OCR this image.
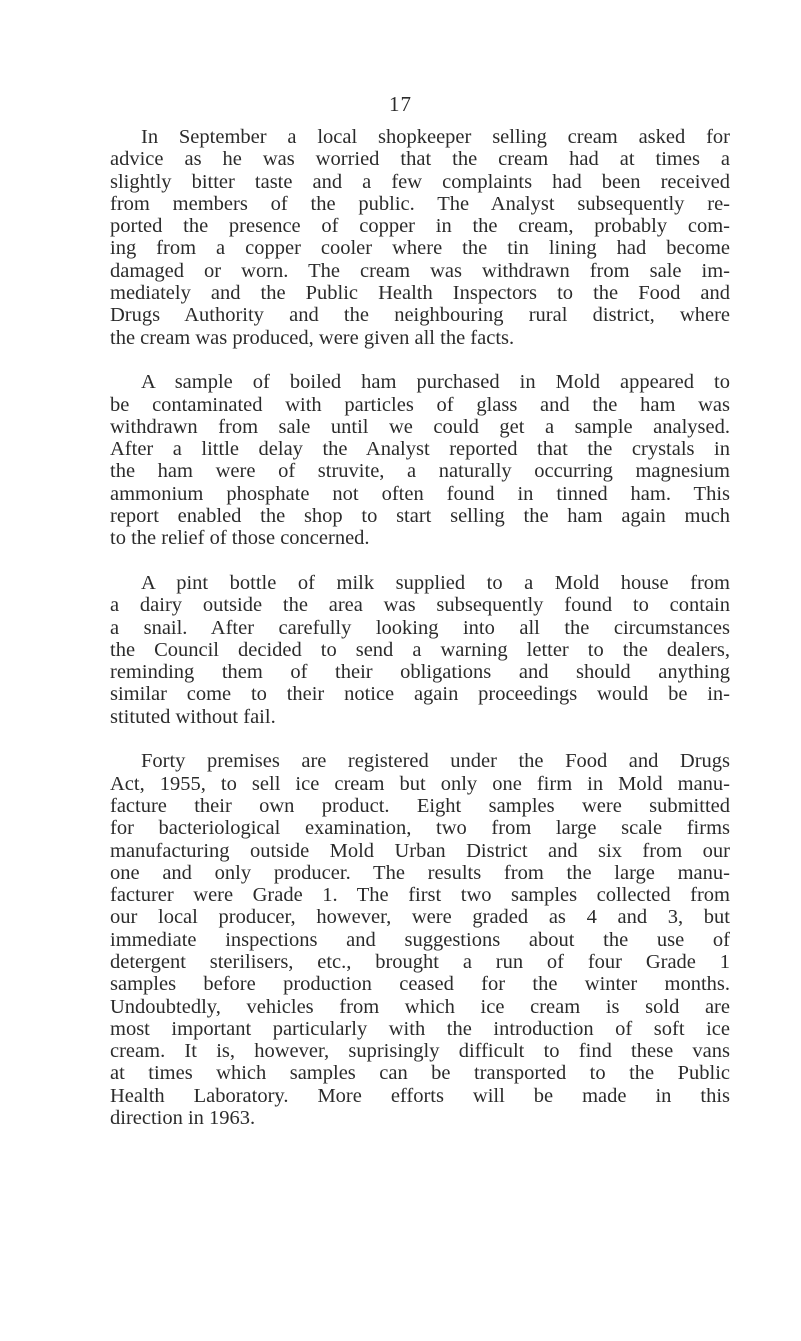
17
In September a local shopkeeper selling cream asked for
advice as he was worried that the cream had at times a
slightly bitter taste and a few complaints had been received
from members of the public. The Analyst subsequently re-
ported the presence of copper in the cream, probably com-
ing from a copper cooler where the tin lining had become
damaged or worn. The cream was withdrawn from sale im-
mediately and the Public Health Inspectors to the Food and
Drugs Authority and the neighbouring rural district, where
the cream was produced, were given all the facts.
A sample of boiled ham purchased in Mold appeared to
be contaminated with particles of glass and the ham was
withdrawn from sale until we could get a sample analysed.
After a little delay the Analyst reported that the crystals in
the ham were of struvite, a naturally occurring magnesium
ammonium phosphate not often found in tinned ham. This
report enabled the shop to start selling the ham again much
to the relief of those concerned.
A pint bottle of milk supplied to a Mold house from
a dairy outside the area was subsequently found to contain
a snail. After carefully looking into all the circumstances
the Council decided to send a warning letter to the dealers,
reminding them of their obligations and should anything
similar come to their notice again proceedings would be in-
stituted without fail.
Forty premises are registered under the Food and Drugs
Act, 1955, to sell ice cream but only one firm in Mold manu-
facture their own product. Eight samples were submitted
for bacteriological examination, two from large scale firms
manufacturing outside Mold Urban District and six from our
one and only producer. The results from the large manu-
facturer were Grade 1. The first two samples collected from
our local producer, however, were graded as 4 and 3, but
immediate inspections and suggestions about the use of
detergent sterilisers, etc., brought a run of four Grade 1
samples before production ceased for the winter months.
Undoubtedly, vehicles from which ice cream is sold are
most important particularly with the introduction of soft ice
cream. It is, however, suprisingly difficult to find these vans
at times which samples can be transported to the Public
Health Laboratory. More efforts will be made in this
direction in 1963.
